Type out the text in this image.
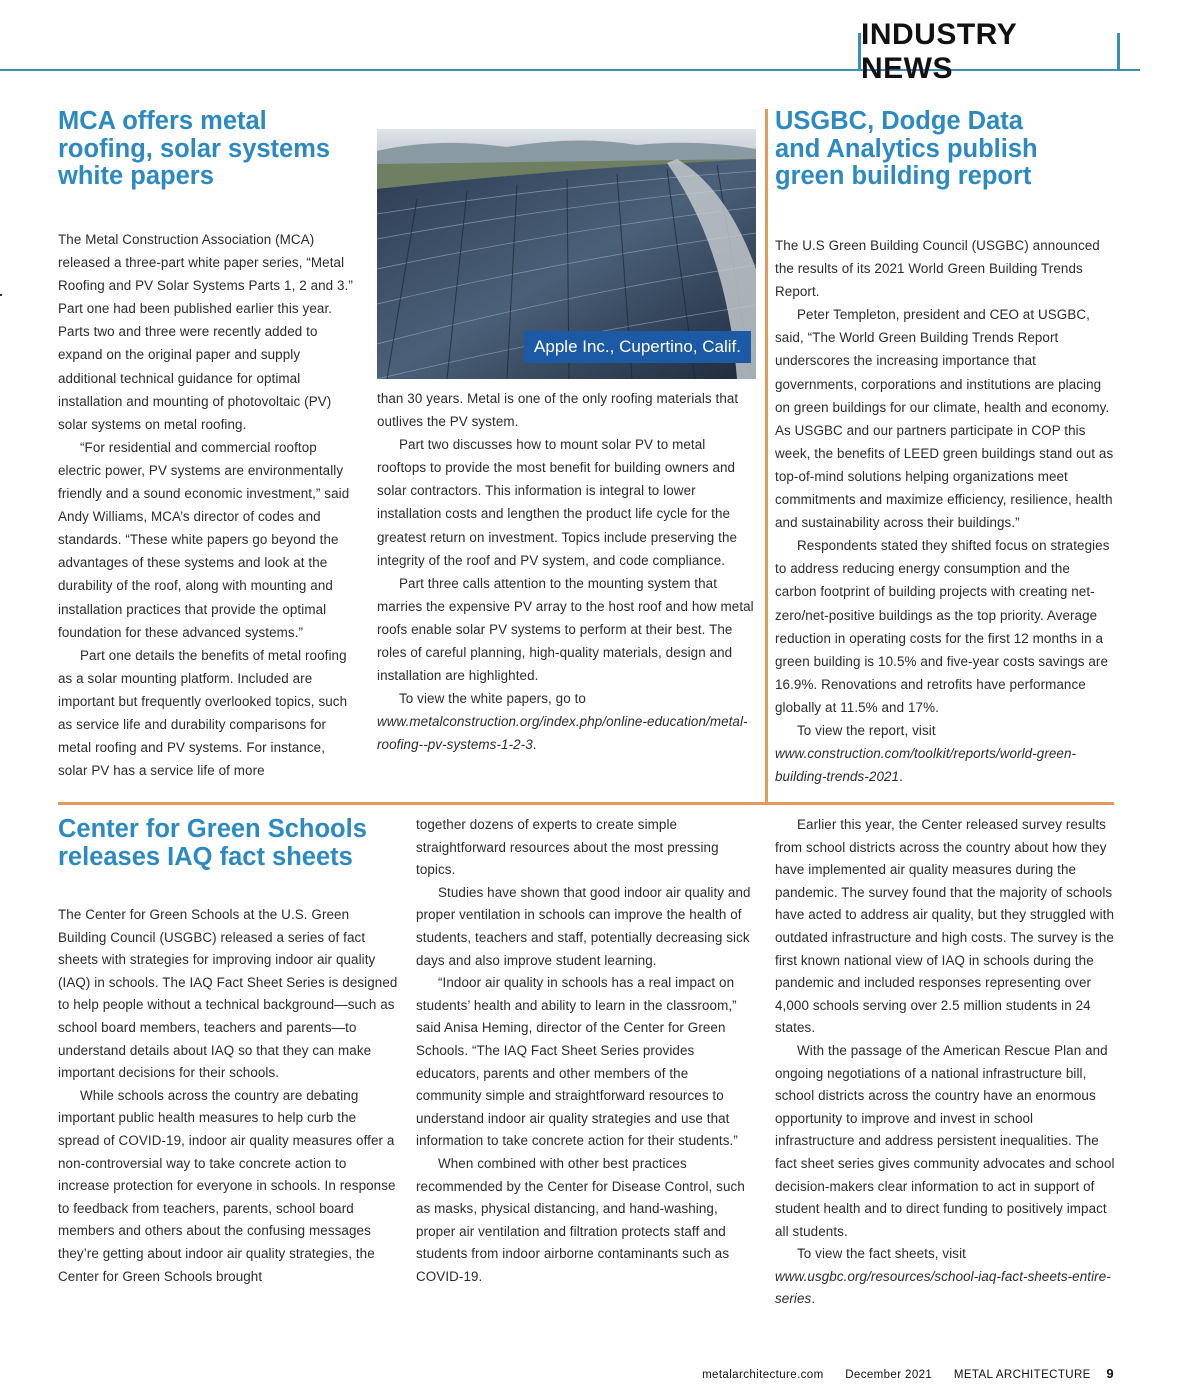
INDUSTRY NEWS
MCA offers metal roofing, solar systems white papers

The Metal Construction Association (MCA) released a three-part white paper series, “Metal Roofing and PV Solar Systems Parts 1, 2 and 3.” Part one had been published earlier this year. Parts two and three were recently added to expand on the original paper and supply additional technical guidance for optimal installation and mounting of photovoltaic (PV) solar systems on metal roofing.

“For residential and commercial rooftop electric power, PV systems are environmentally friendly and a sound economic investment,” said Andy Williams, MCA’s director of codes and standards. “These white papers go beyond the advantages of these systems and look at the durability of the roof, along with mounting and installation practices that provide the optimal foundation for these advanced systems.”

Part one details the benefits of metal roofing as a solar mounting platform. Included are important but frequently overlooked topics, such as service life and durability comparisons for metal roofing and PV systems. For instance, solar PV has a service life of more

Apple Inc., Cupertino, Calif.

than 30 years. Metal is one of the only roofing materials that outlives the PV system.

Part two discusses how to mount solar PV to metal rooftops to provide the most benefit for building owners and solar contractors. This information is integral to lower installation costs and lengthen the product life cycle for the greatest return on investment. Topics include preserving the integrity of the roof and PV system, and code compliance.

Part three calls attention to the mounting system that marries the expensive PV array to the host roof and how metal roofs enable solar PV systems to perform at their best. The roles of careful planning, high-quality materials, design and installation are highlighted.

To view the white papers, go to www.metalconstruction.org/index.php/online-education/metal-roofing--pv-systems-1-2-3.

USGBC, Dodge Data and Analytics publish green building report

The U.S Green Building Council (USGBC) announced the results of its 2021 World Green Building Trends Report.

Peter Templeton, president and CEO at USGBC, said, “The World Green Building Trends Report underscores the increasing importance that governments, corporations and institutions are placing on green buildings for our climate, health and economy. As USGBC and our partners participate in COP this week, the benefits of LEED green buildings stand out as top-of-mind solutions helping organizations meet commitments and maximize efficiency, resilience, health and sustainability across their buildings.”

Respondents stated they shifted focus on strategies to address reducing energy consumption and the carbon footprint of building projects with creating net-zero/net-positive buildings as the top priority. Average reduction in operating costs for the first 12 months in a green building is 10.5% and five-year costs savings are 16.9%. Renovations and retrofits have performance globally at 11.5% and 17%.

To view the report, visit www.construction.com/toolkit/reports/world-green-building-trends-2021.

Center for Green Schools releases IAQ fact sheets

The Center for Green Schools at the U.S. Green Building Council (USGBC) released a series of fact sheets with strategies for improving indoor air quality (IAQ) in schools. The IAQ Fact Sheet Series is designed to help people without a technical background—such as school board members, teachers and parents—to understand details about IAQ so that they can make important decisions for their schools.

While schools across the country are debating important public health measures to help curb the spread of COVID-19, indoor air quality measures offer a non-controversial way to take concrete action to increase protection for everyone in schools. In response to feedback from teachers, parents, school board members and others about the confusing messages they’re getting about indoor air quality strategies, the Center for Green Schools brought

together dozens of experts to create simple straightforward resources about the most pressing topics.

Studies have shown that good indoor air quality and proper ventilation in schools can improve the health of students, teachers and staff, potentially decreasing sick days and also improve student learning.

“Indoor air quality in schools has a real impact on students’ health and ability to learn in the classroom,” said Anisa Heming, director of the Center for Green Schools. “The IAQ Fact Sheet Series provides educators, parents and other members of the community simple and straightforward resources to understand indoor air quality strategies and use that information to take concrete action for their students.”

When combined with other best practices recommended by the Center for Disease Control, such as masks, physical distancing, and hand-washing, proper air ventilation and filtration protects staff and students from indoor airborne contaminants such as COVID-19.

Earlier this year, the Center released survey results from school districts across the country about how they have implemented air quality measures during the pandemic. The survey found that the majority of schools have acted to address air quality, but they struggled with outdated infrastructure and high costs. The survey is the first known national view of IAQ in schools during the pandemic and included responses representing over 4,000 schools serving over 2.5 million students in 24 states.

With the passage of the American Rescue Plan and ongoing negotiations of a national infrastructure bill, school districts across the country have an enormous opportunity to improve and invest in school infrastructure and address persistent inequalities. The fact sheet series gives community advocates and school decision-makers clear information to act in support of student health and to direct funding to positively impact all students.

To view the fact sheets, visit www.usgbc.org/resources/school-iaq-fact-sheets-entire-series.

metalarchitecture.com December 2021 METAL ARCHITECTURE 9
